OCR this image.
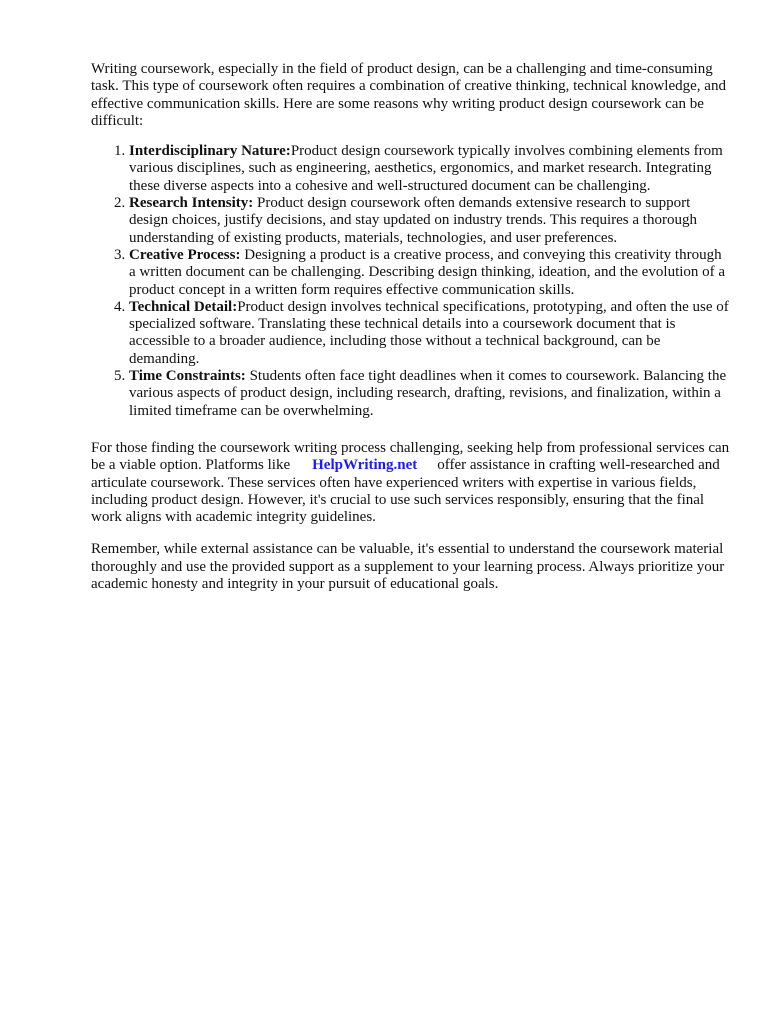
Writing coursework, especially in the field of product design, can be a challenging and time-consuming task. This type of coursework often requires a combination of creative thinking, technical knowledge, and effective communication skills. Here are some reasons why writing product design coursework can be difficult:

1. Interdisciplinary Nature:Product design coursework typically involves combining elements from various disciplines, such as engineering, aesthetics, ergonomics, and market research. Integrating these diverse aspects into a cohesive and well-structured document can be challenging.
2. Research Intensity: Product design coursework often demands extensive research to support design choices, justify decisions, and stay updated on industry trends. This requires a thorough understanding of existing products, materials, technologies, and user preferences.
3. Creative Process: Designing a product is a creative process, and conveying this creativity through a written document can be challenging. Describing design thinking, ideation, and the evolution of a product concept in a written form requires effective communication skills.
4. Technical Detail:Product design involves technical specifications, prototyping, and often the use of specialized software. Translating these technical details into a coursework document that is accessible to a broader audience, including those without a technical background, can be demanding.
5. Time Constraints: Students often face tight deadlines when it comes to coursework. Balancing the various aspects of product design, including research, drafting, revisions, and finalization, within a limited timeframe can be overwhelming.

For those finding the coursework writing process challenging, seeking help from professional services can be a viable option. Platforms like HelpWriting.net offer assistance in crafting well-researched and articulate coursework. These services often have experienced writers with expertise in various fields, including product design. However, it's crucial to use such services responsibly, ensuring that the final work aligns with academic integrity guidelines.

Remember, while external assistance can be valuable, it's essential to understand the coursework material thoroughly and use the provided support as a supplement to your learning process. Always prioritize your academic honesty and integrity in your pursuit of educational goals.
